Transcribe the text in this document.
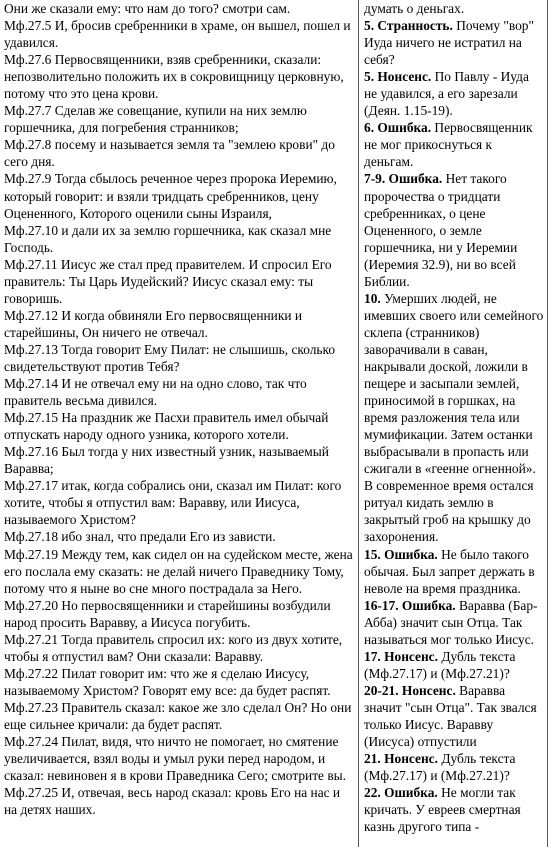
Они же сказали ему: что нам до того? смотри сам.
Мф.27.5 И, бросив сребренники в храме, он вышел, пошел и удавился.
Мф.27.6 Первосвященники, взяв сребренники, сказали: непозволительно положить их в сокровищницу церковную, потому что это цена крови.
Мф.27.7 Сделав же совещание, купили на них землю горшечника, для погребения странников;
Мф.27.8 посему и называется земля та "землею крови" до сего дня.
Мф.27.9 Тогда сбылось реченное через пророка Иеремию, который говорит: и взяли тридцать сребренников, цену Оцененного, Которого оценили сыны Израиля,
Мф.27.10 и дали их за землю горшечника, как сказал мне Господь.
Мф.27.11 Иисус же стал пред правителем. И спросил Его правитель: Ты Царь Иудейский? Иисус сказал ему: ты говоришь.
Мф.27.12 И когда обвиняли Его первосвященники и старейшины, Он ничего не отвечал.
Мф.27.13 Тогда говорит Ему Пилат: не слышишь, сколько свидетельствуют против Тебя?
Мф.27.14 И не отвечал ему ни на одно слово, так что правитель весьма дивился.
Мф.27.15 На праздник же Пасхи правитель имел обычай отпускать народу одного узника, которого хотели.
Мф.27.16 Был тогда у них известный узник, называемый Варавва;
Мф.27.17 итак, когда собрались они, сказал им Пилат: кого хотите, чтобы я отпустил вам: Варавву, или Иисуса, называемого Христом?
Мф.27.18 ибо знал, что предали Его из зависти.
Мф.27.19 Между тем, как сидел он на судейском месте, жена его послала ему сказать: не делай ничего Праведнику Тому, потому что я ныне во сне много пострадала за Него.
Мф.27.20 Но первосвященники и старейшины возбудили народ просить Варавву, а Иисуса погубить.
Мф.27.21 Тогда правитель спросил их: кого из двух хотите, чтобы я отпустил вам? Они сказали: Варавву.
Мф.27.22 Пилат говорит им: что же я сделаю Иисусу, называемому Христом? Говорят ему все: да будет распят.
Мф.27.23 Правитель сказал: какое же зло сделал Он? Но они еще сильнее кричали: да будет распят.
Мф.27.24 Пилат, видя, что ничто не помогает, но смятение увеличивается, взял воды и умыл руки перед народом, и сказал: невиновен я в крови Праведника Сего; смотрите вы.
Мф.27.25 И, отвечая, весь народ сказал: кровь Его на нас и на детях наших.
думать о деньгах.
5. Странность. Почему "вор" Иуда ничего не истратил на себя?
5. Нонсенс. По Павлу - Иуда не удавился, а его зарезали (Деян. 1.15-19).
6. Ошибка. Первосвященник не мог прикоснуться к деньгам.
7-9. Ошибка. Нет такого пророчества о тридцати сребренниках, о цене Оцененного, о земле горшечника, ни у Иеремии (Иеремия 32.9), ни во всей Библии.
10. Умерших людей, не имевших своего или семейного склепа (странников) заворачивали в саван, накрывали доской, ложили в пещере и засыпали землей, приносимой в горшках, на время разложения тела или мумификации. Затем останки выбрасывали в пропасть или сжигали в «геенне огненной». В современное время остался ритуал кидать землю в закрытый гроб на крышку до захоронения.
15. Ошибка. Не было такого обычая. Был запрет держать в неволе на время праздника.
16-17. Ошибка. Варавва (Бар-Абба) значит сын Отца. Так называться мог только Иисус.
17. Нонсенс. Дубль текста (Мф.27.17) и (Мф.27.21)?
20-21. Нонсенс. Варавва значит "сын Отца". Так звался только Иисус. Варавву (Иисуса) отпустили
21. Нонсенс. Дубль текста (Мф.27.17) и (Мф.27.21)?
22. Ошибка. Не могли так кричать. У евреев смертная казнь другого типа -
